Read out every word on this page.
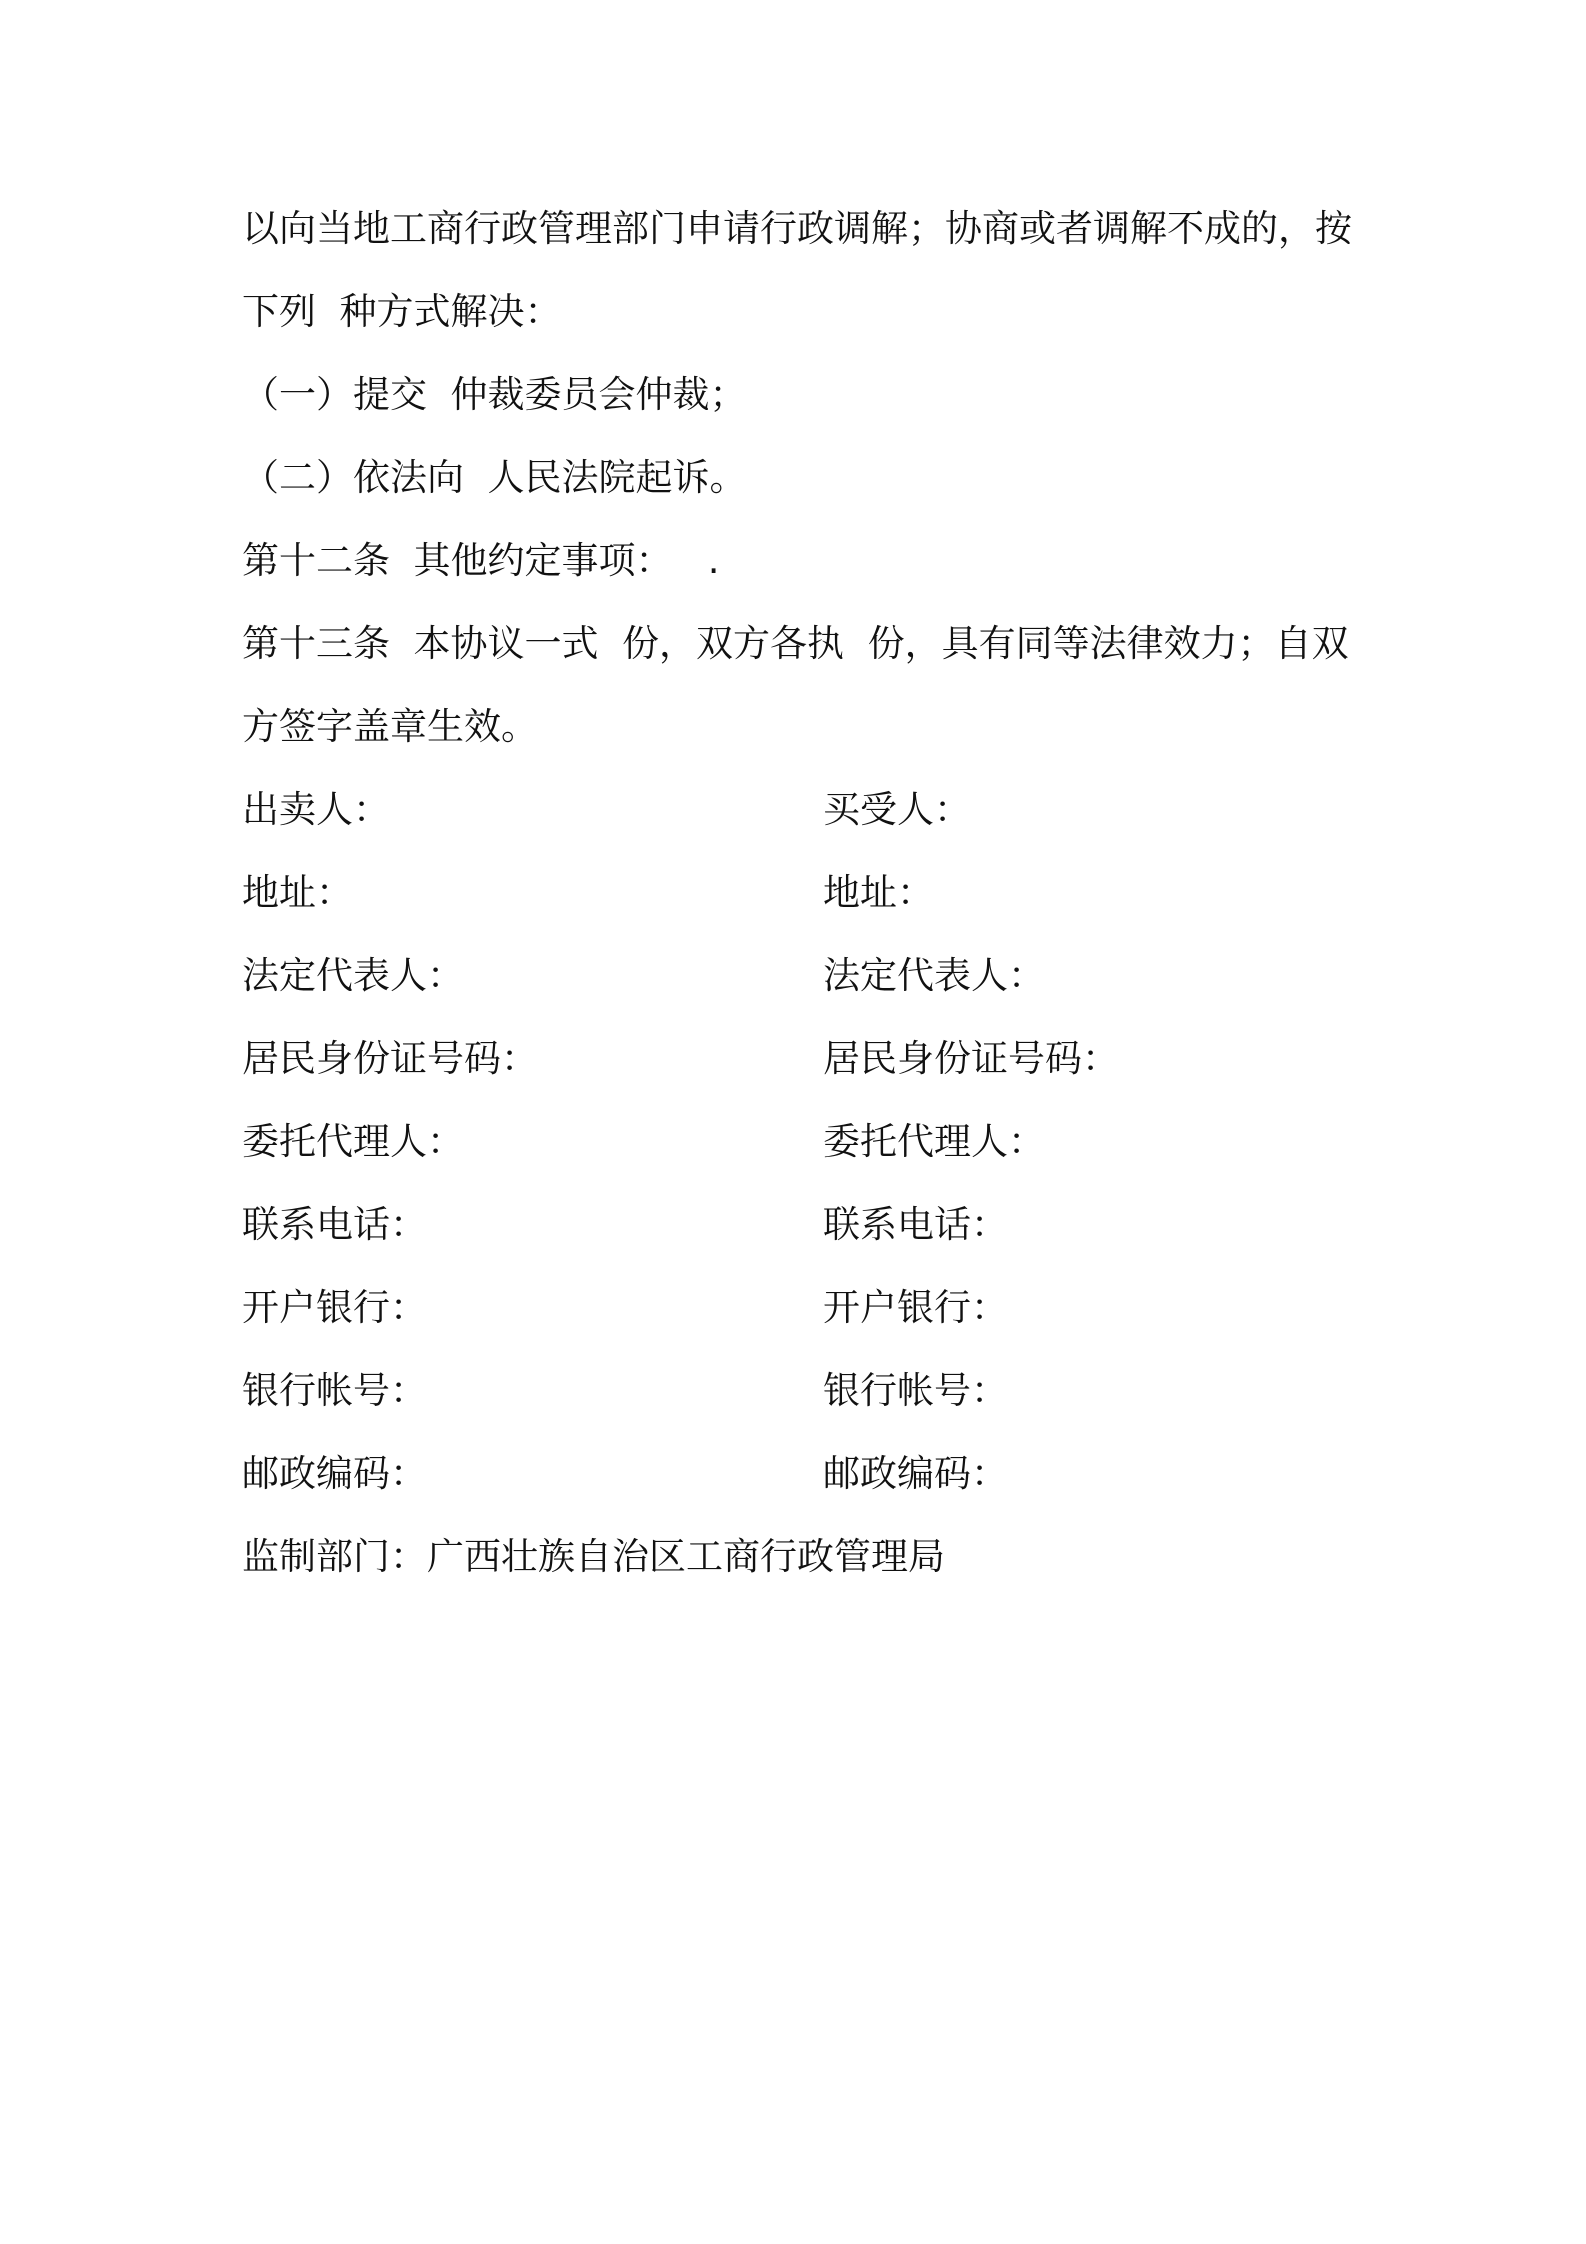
以向当地工商行政管理部门申请行政调解；协商或者调解不成的，按
下列  种方式解决：
（一）提交  仲裁委员会仲裁；
（二）依法向  人民法院起诉。
第十二条  其他约定事项：   .
第十三条  本协议一式  份，双方各执  份，具有同等法律效力；自双
方签字盖章生效。
出卖人：	买受人：
地址：	地址：
法定代表人：	法定代表人：
居民身份证号码：	居民身份证号码：
委托代理人：	委托代理人：
联系电话：	联系电话：
开户银行：	开户银行：
银行帐号：	银行帐号：
邮政编码：	邮政编码：
监制部门：广西壮族自治区工商行政管理局
